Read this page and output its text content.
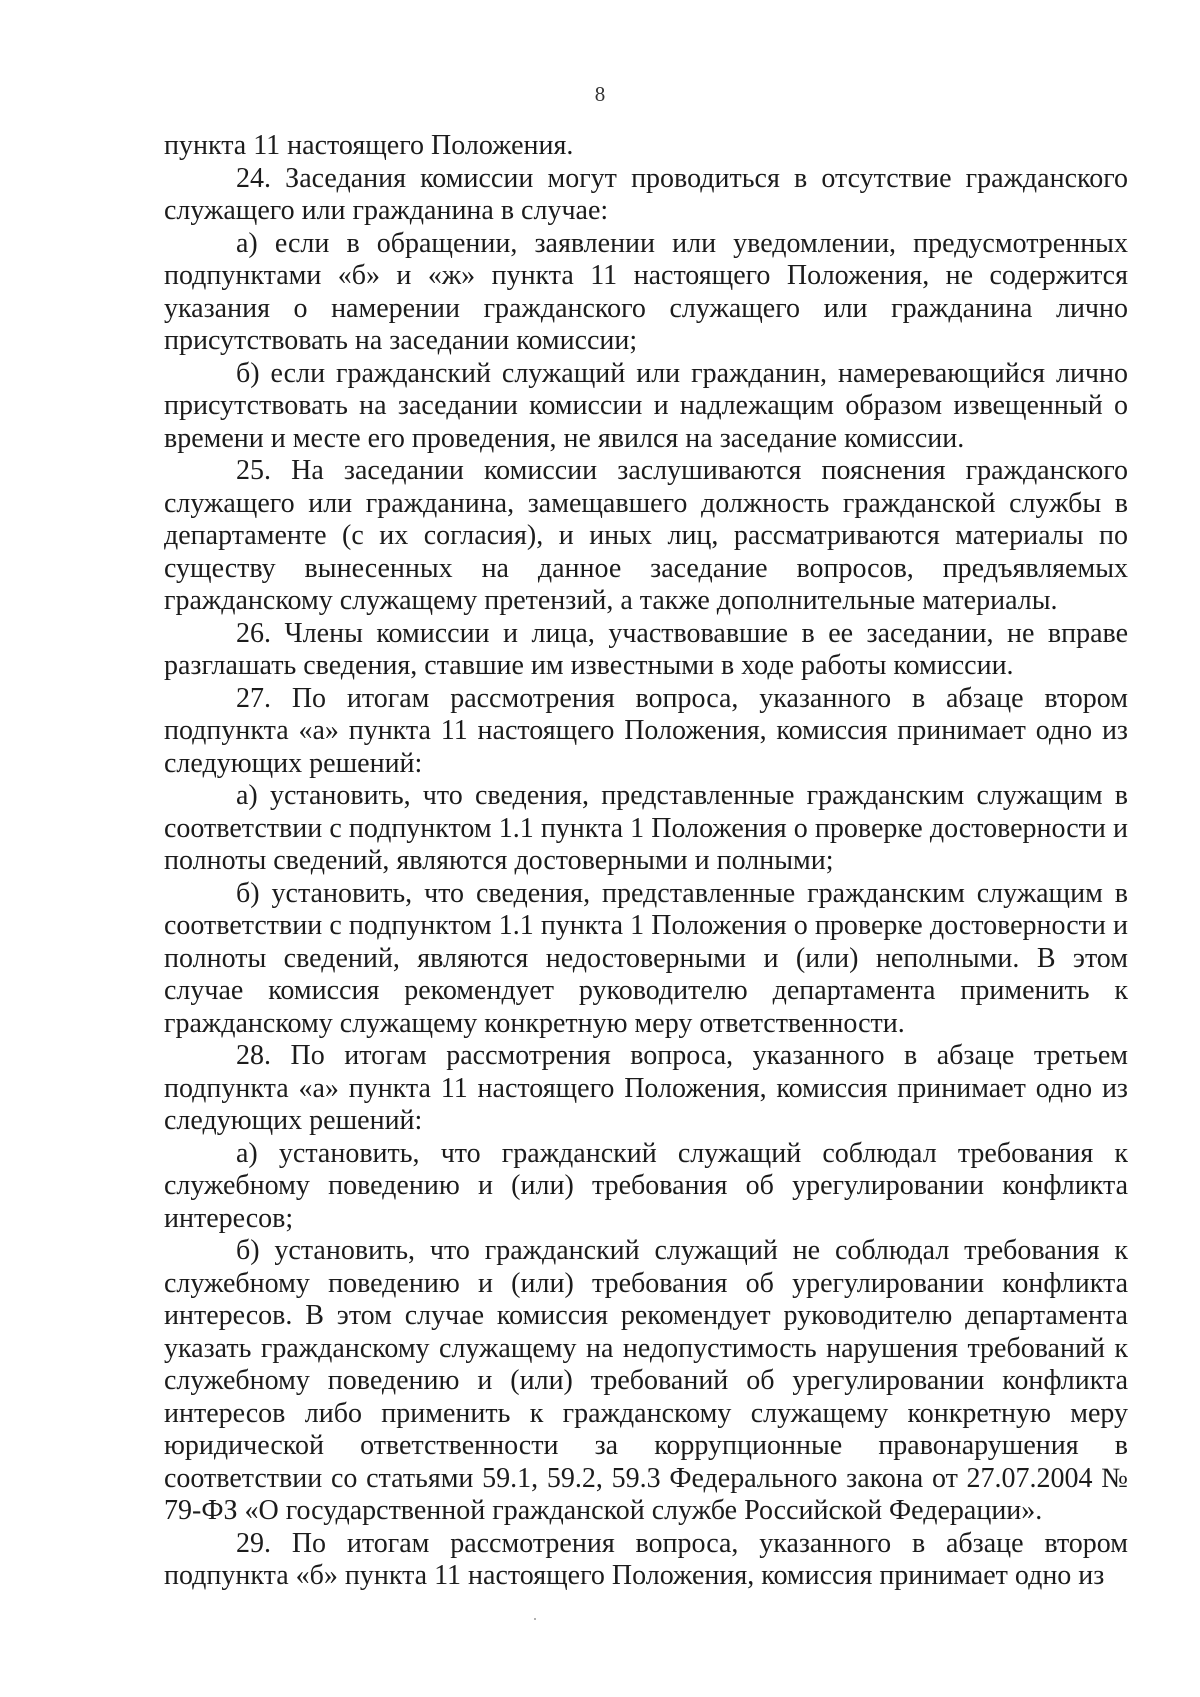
8

пункта 11 настоящего Положения.

24. Заседания комиссии могут проводиться в отсутствие гражданского служащего или гражданина в случае:

а) если в обращении, заявлении или уведомлении, предусмотренных подпунктами «б» и «ж» пункта 11 настоящего Положения, не содержится указания о намерении гражданского служащего или гражданина лично присутствовать на заседании комиссии;

б) если гражданский служащий или гражданин, намеревающийся лично присутствовать на заседании комиссии и надлежащим образом извещенный о времени и месте его проведения, не явился на заседание комиссии.

25. На заседании комиссии заслушиваются пояснения гражданского служащего или гражданина, замещавшего должность гражданской службы в департаменте (с их согласия), и иных лиц, рассматриваются материалы по существу вынесенных на данное заседание вопросов, предъявляемых гражданскому служащему претензий, а также дополнительные материалы.

26. Члены комиссии и лица, участвовавшие в ее заседании, не вправе разглашать сведения, ставшие им известными в ходе работы комиссии.

27. По итогам рассмотрения вопроса, указанного в абзаце втором подпункта «а» пункта 11 настоящего Положения, комиссия принимает одно из следующих решений:

а) установить, что сведения, представленные гражданским служащим в соответствии с подпунктом 1.1 пункта 1 Положения о проверке достоверности и полноты сведений, являются достоверными и полными;

б) установить, что сведения, представленные гражданским служащим в соответствии с подпунктом 1.1 пункта 1 Положения о проверке достоверности и полноты сведений, являются недостоверными и (или) неполными. В этом случае комиссия рекомендует руководителю департамента применить к гражданскому служащему конкретную меру ответственности.

28. По итогам рассмотрения вопроса, указанного в абзаце третьем подпункта «а» пункта 11 настоящего Положения, комиссия принимает одно из следующих решений:

а) установить, что гражданский служащий соблюдал требования к служебному поведению и (или) требования об урегулировании конфликта интересов;

б) установить, что гражданский служащий не соблюдал требования к служебному поведению и (или) требования об урегулировании конфликта интересов. В этом случае комиссия рекомендует руководителю департамента указать гражданскому служащему на недопустимость нарушения требований к служебному поведению и (или) требований об урегулировании конфликта интересов либо применить к гражданскому служащему конкретную меру юридической ответственности за коррупционные правонарушения в соответствии со статьями 59.1, 59.2, 59.3 Федерального закона от 27.07.2004 № 79-ФЗ «О государственной гражданской службе Российской Федерации».

29. По итогам рассмотрения вопроса, указанного в абзаце втором подпункта «б» пункта 11 настоящего Положения, комиссия принимает одно из
